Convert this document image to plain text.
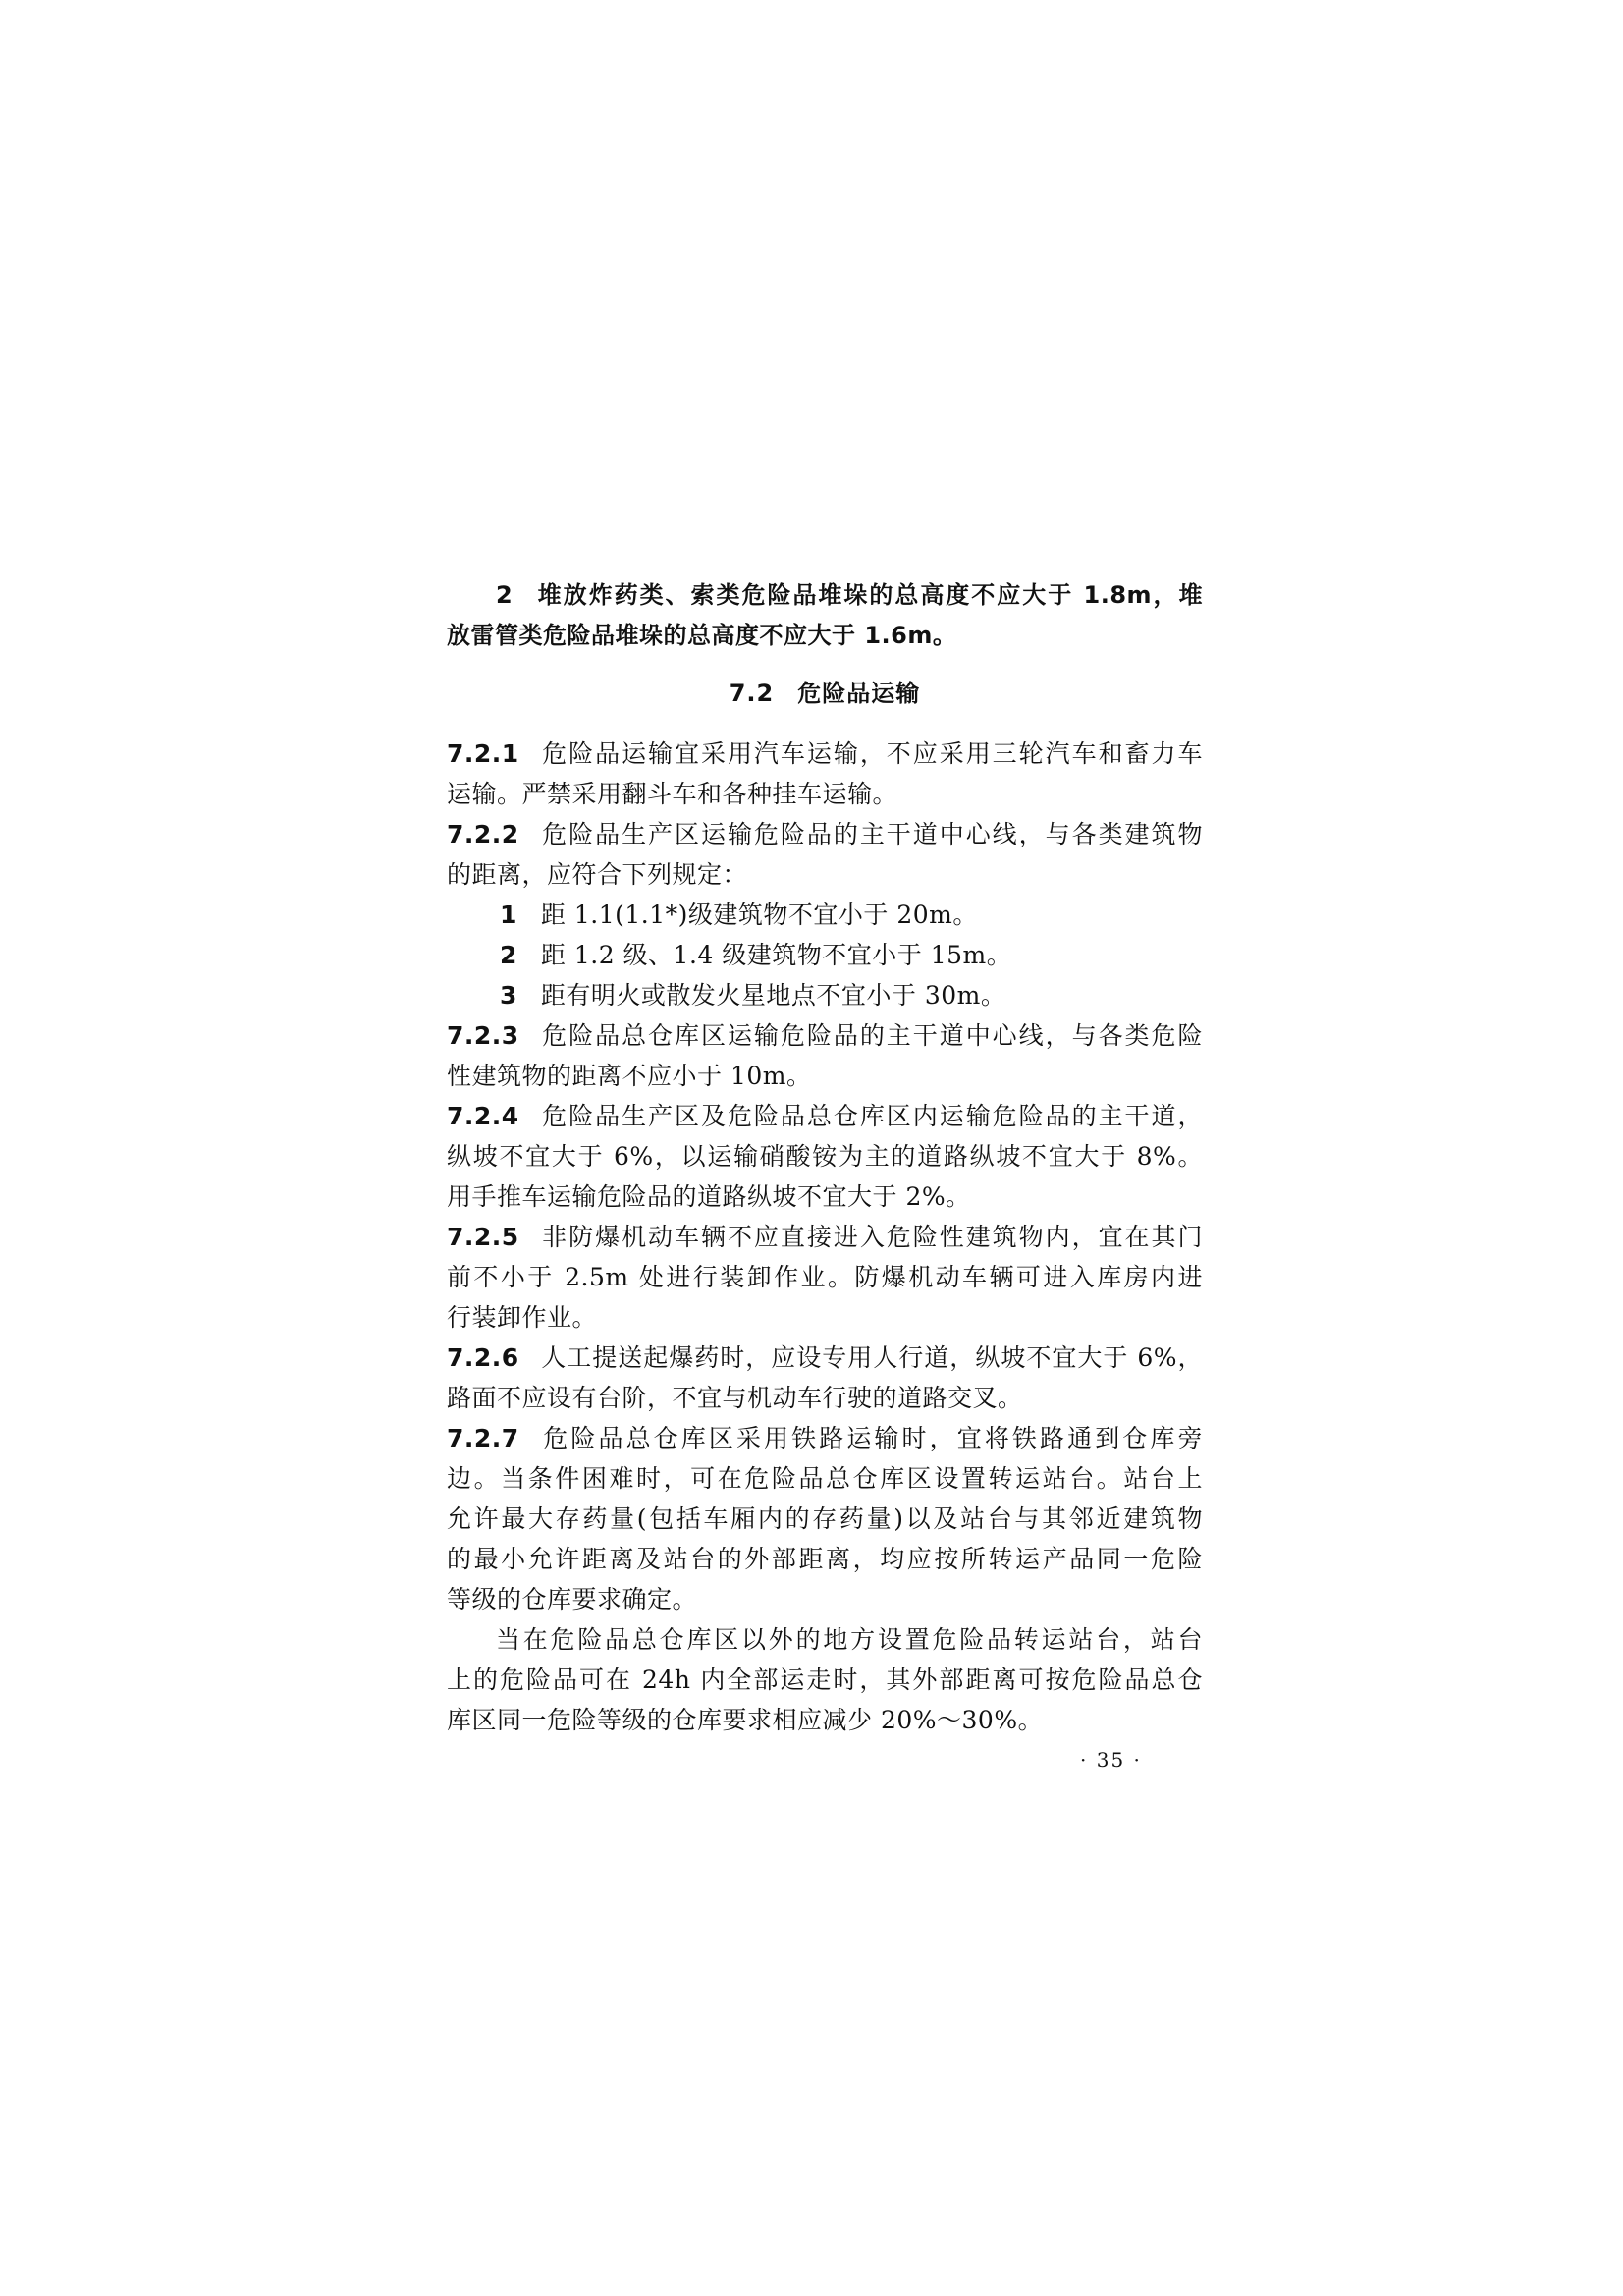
2 堆放炸药类、索类危险品堆垛的总高度不应大于 1.8m，堆
放雷管类危险品堆垛的总高度不应大于 1.6m。
7.2 危险品运输
7.2.1 危险品运输宜采用汽车运输，不应采用三轮汽车和畜力车
运输。严禁采用翻斗车和各种挂车运输。
7.2.2 危险品生产区运输危险品的主干道中心线，与各类建筑物
的距离，应符合下列规定：
1 距 1.1(1.1*)级建筑物不宜小于 20m。
2 距 1.2 级、1.4 级建筑物不宜小于 15m。
3 距有明火或散发火星地点不宜小于 30m。
7.2.3 危险品总仓库区运输危险品的主干道中心线，与各类危险
性建筑物的距离不应小于 10m。
7.2.4 危险品生产区及危险品总仓库区内运输危险品的主干道，
纵坡不宜大于 6%，以运输硝酸铵为主的道路纵坡不宜大于 8%。
用手推车运输危险品的道路纵坡不宜大于 2%。
7.2.5 非防爆机动车辆不应直接进入危险性建筑物内，宜在其门
前不小于 2.5m 处进行装卸作业。防爆机动车辆可进入库房内进
行装卸作业。
7.2.6 人工提送起爆药时，应设专用人行道，纵坡不宜大于 6%，
路面不应设有台阶，不宜与机动车行驶的道路交叉。
7.2.7 危险品总仓库区采用铁路运输时，宜将铁路通到仓库旁
边。当条件困难时，可在危险品总仓库区设置转运站台。站台上
允许最大存药量(包括车厢内的存药量)以及站台与其邻近建筑物
的最小允许距离及站台的外部距离，均应按所转运产品同一危险
等级的仓库要求确定。
当在危险品总仓库区以外的地方设置危险品转运站台，站台
上的危险品可在 24h 内全部运走时，其外部距离可按危险品总仓
库区同一危险等级的仓库要求相应减少 20%～30%。
· 35 ·
